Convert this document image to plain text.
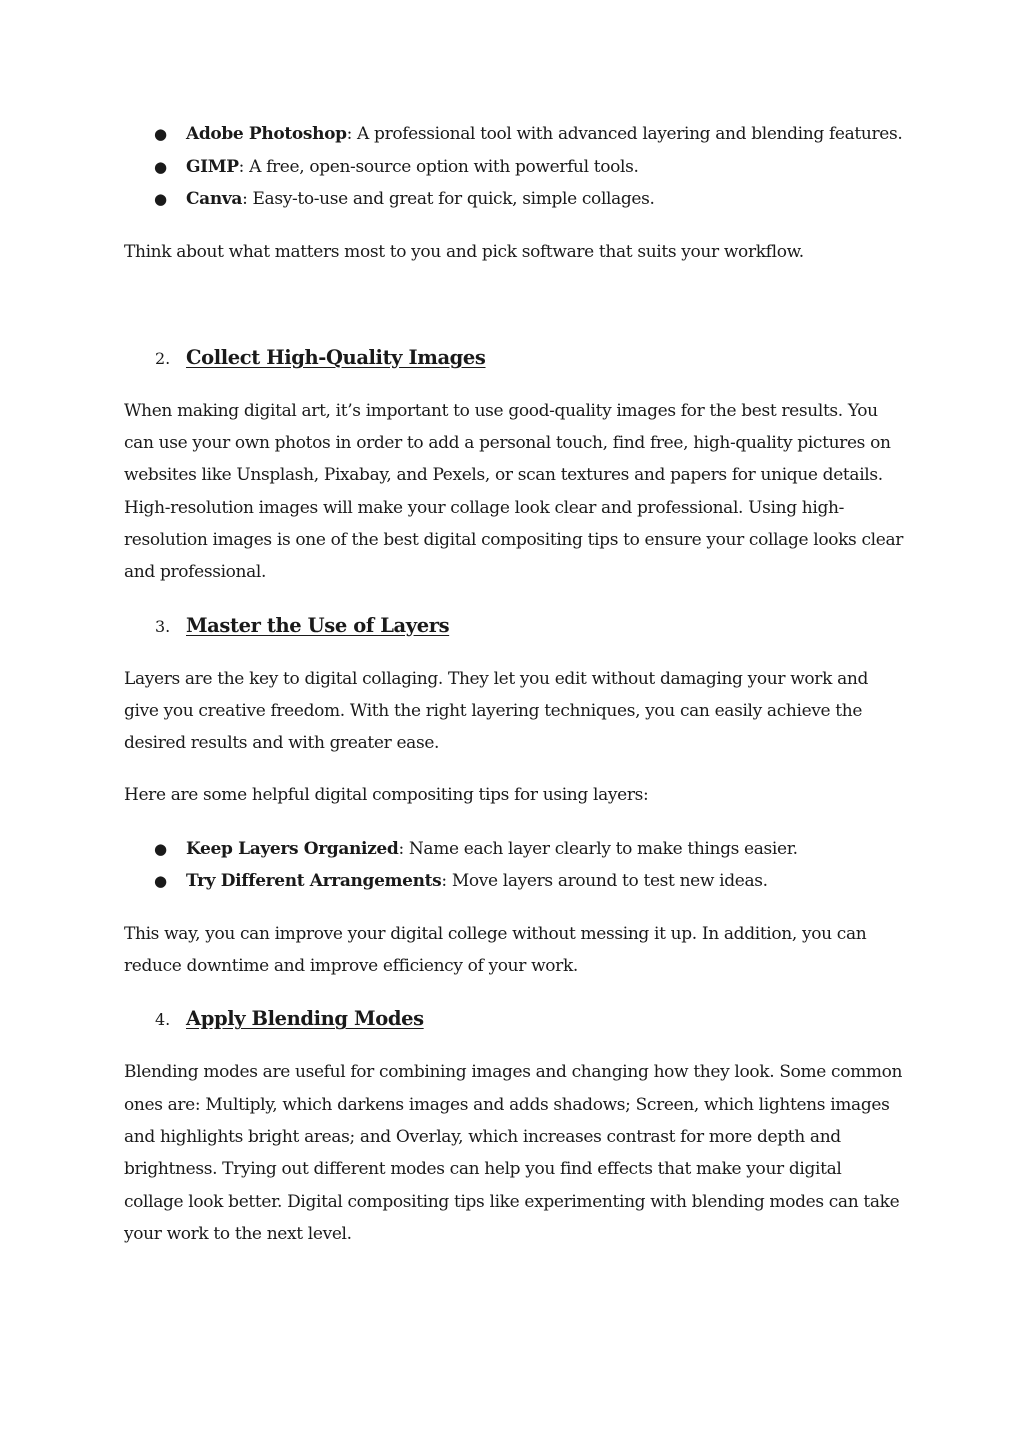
● Adobe Photoshop: A professional tool with advanced layering and blending features.
● GIMP: A free, open-source option with powerful tools.
● Canva: Easy-to-use and great for quick, simple collages.

Think about what matters most to you and pick software that suits your workflow.

2. Collect High-Quality Images

When making digital art, it’s important to use good-quality images for the best results. You can use your own photos in order to add a personal touch, find free, high-quality pictures on websites like Unsplash, Pixabay, and Pexels, or scan textures and papers for unique details. High-resolution images will make your collage look clear and professional. Using high-resolution images is one of the best digital compositing tips to ensure your collage looks clear and professional.

3. Master the Use of Layers

Layers are the key to digital collaging. They let you edit without damaging your work and give you creative freedom. With the right layering techniques, you can easily achieve the desired results and with greater ease.

Here are some helpful digital compositing tips for using layers:

● Keep Layers Organized: Name each layer clearly to make things easier.
● Try Different Arrangements: Move layers around to test new ideas.

This way, you can improve your digital college without messing it up. In addition, you can reduce downtime and improve efficiency of your work.

4. Apply Blending Modes

Blending modes are useful for combining images and changing how they look. Some common ones are: Multiply, which darkens images and adds shadows; Screen, which lightens images and highlights bright areas; and Overlay, which increases contrast for more depth and brightness. Trying out different modes can help you find effects that make your digital collage look better. Digital compositing tips like experimenting with blending modes can take your work to the next level.
